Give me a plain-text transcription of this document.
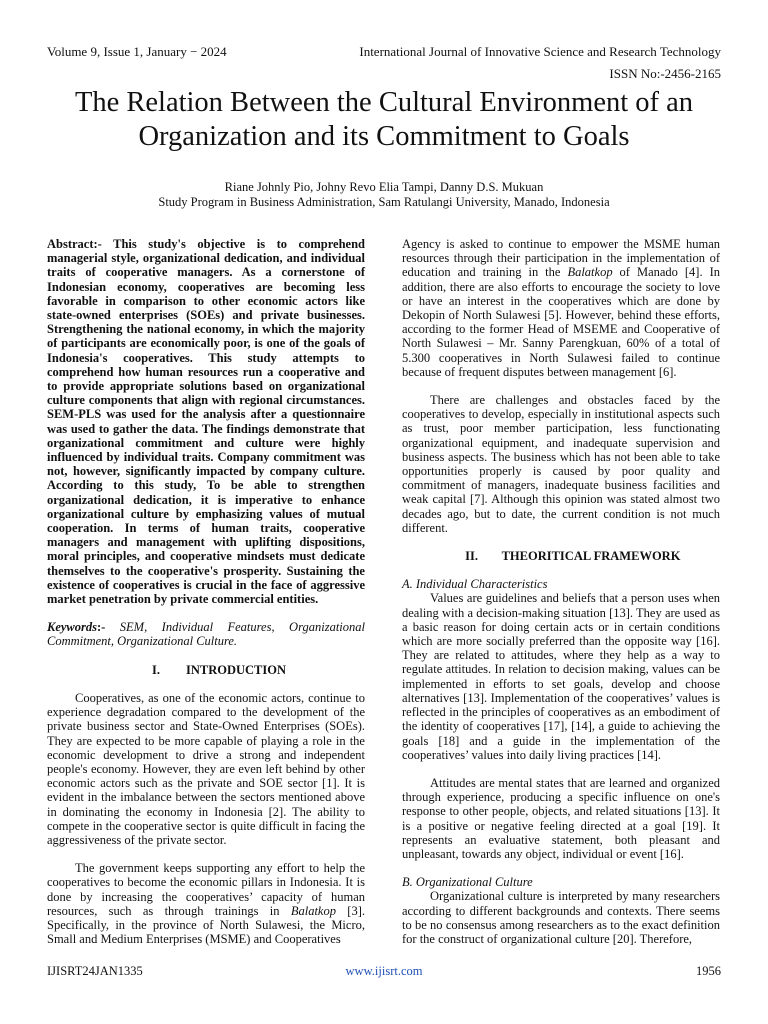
Volume 9, Issue 1, January − 2024	International Journal of Innovative Science and Research Technology
ISSN No:-2456-2165
The Relation Between the Cultural Environment of an Organization and its Commitment to Goals
Riane Johnly Pio, Johny Revo Elia Tampi, Danny D.S. Mukuan
Study Program in Business Administration, Sam Ratulangi University, Manado, Indonesia

Abstract:- This study's objective is to comprehend managerial style, organizational dedication, and individual traits of cooperative managers. As a cornerstone of Indonesian economy, cooperatives are becoming less favorable in comparison to other economic actors like state-owned enterprises (SOEs) and private businesses. Strengthening the national economy, in which the majority of participants are economically poor, is one of the goals of Indonesia's cooperatives. This study attempts to comprehend how human resources run a cooperative and to provide appropriate solutions based on organizational culture components that align with regional circumstances. SEM-PLS was used for the analysis after a questionnaire was used to gather the data. The findings demonstrate that organizational commitment and culture were highly influenced by individual traits. Company commitment was not, however, significantly impacted by company culture. According to this study, To be able to strengthen organizational dedication, it is imperative to enhance organizational culture by emphasizing values of mutual cooperation. In terms of human traits, cooperative managers and management with uplifting dispositions, moral principles, and cooperative mindsets must dedicate themselves to the cooperative's prosperity. Sustaining the existence of cooperatives is crucial in the face of aggressive market penetration by private commercial entities.

Keywords:- SEM, Individual Features, Organizational Commitment, Organizational Culture.

I. INTRODUCTION

Cooperatives, as one of the economic actors, continue to experience degradation compared to the development of the private business sector and State-Owned Enterprises (SOEs). They are expected to be more capable of playing a role in the economic development to drive a strong and independent people's economy. However, they are even left behind by other economic actors such as the private and SOE sector [1]. It is evident in the imbalance between the sectors mentioned above in dominating the economy in Indonesia [2]. The ability to compete in the cooperative sector is quite difficult in facing the aggressiveness of the private sector.

The government keeps supporting any effort to help the cooperatives to become the economic pillars in Indonesia. It is done by increasing the cooperatives’ capacity of human resources, such as through trainings in Balatkop [3]. Specifically, in the province of North Sulawesi, the Micro, Small and Medium Enterprises (MSME) and Cooperatives

Agency is asked to continue to empower the MSME human resources through their participation in the implementation of education and training in the Balatkop of Manado [4]. In addition, there are also efforts to encourage the society to love or have an interest in the cooperatives which are done by Dekopin of North Sulawesi [5]. However, behind these efforts, according to the former Head of MSEME and Cooperative of North Sulawesi – Mr. Sanny Parengkuan, 60% of a total of 5.300 cooperatives in North Sulawesi failed to continue because of frequent disputes between management [6].

There are challenges and obstacles faced by the cooperatives to develop, especially in institutional aspects such as trust, poor member participation, less functionating organizational equipment, and inadequate supervision and business aspects. The business which has not been able to take opportunities properly is caused by poor quality and commitment of managers, inadequate business facilities and weak capital [7]. Although this opinion was stated almost two decades ago, but to date, the current condition is not much different.

II. THEORITICAL FRAMEWORK

A. Individual Characteristics

Values are guidelines and beliefs that a person uses when dealing with a decision-making situation [13]. They are used as a basic reason for doing certain acts or in certain conditions which are more socially preferred than the opposite way [16]. They are related to attitudes, where they help as a way to regulate attitudes. In relation to decision making, values can be implemented in efforts to set goals, develop and choose alternatives [13]. Implementation of the cooperatives’ values is reflected in the principles of cooperatives as an embodiment of the identity of cooperatives [17], [14], a guide to achieving the goals [18] and a guide in the implementation of the cooperatives’ values into daily living practices [14].

Attitudes are mental states that are learned and organized through experience, producing a specific influence on one's response to other people, objects, and related situations [13]. It is a positive or negative feeling directed at a goal [19]. It represents an evaluative statement, both pleasant and unpleasant, towards any object, individual or event [16].

B. Organizational Culture

Organizational culture is interpreted by many researchers according to different backgrounds and contexts. There seems to be no consensus among researchers as to the exact definition for the construct of organizational culture [20]. Therefore,

IJISRT24JAN1335	www.ijisrt.com	1956
